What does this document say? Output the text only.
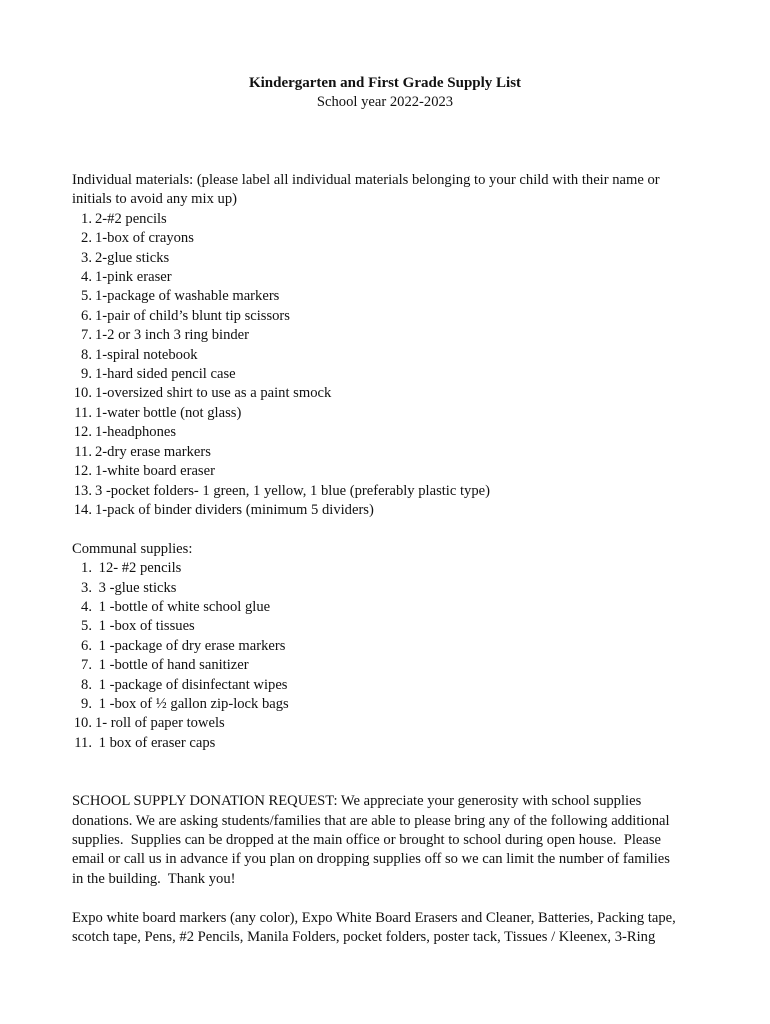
Kindergarten and First Grade Supply List
School year 2022-2023
Individual materials: (please label all individual materials belonging to your child with their name or
initials to avoid any mix up)
1. 2-#2 pencils
2. 1-box of crayons
3. 2-glue sticks
4. 1-pink eraser
5. 1-package of washable markers
6. 1-pair of child’s blunt tip scissors
7. 1-2 or 3 inch 3 ring binder
8. 1-spiral notebook
9. 1-hard sided pencil case
10. 1-oversized shirt to use as a paint smock
11. 1-water bottle (not glass)
12. 1-headphones
11. 2-dry erase markers
12. 1-white board eraser
13. 3 -pocket folders- 1 green, 1 yellow, 1 blue (preferably plastic type)
14. 1-pack of binder dividers (minimum 5 dividers)
Communal supplies:
1. 12- #2 pencils
3. 3 -glue sticks
4. 1 -bottle of white school glue
5. 1 -box of tissues
6. 1 -package of dry erase markers
7. 1 -bottle of hand sanitizer
8. 1 -package of disinfectant wipes
9. 1 -box of ½ gallon zip-lock bags
10. 1- roll of paper towels
11. 1 box of eraser caps
SCHOOL SUPPLY DONATION REQUEST: We appreciate your generosity with school supplies
donations. We are asking students/families that are able to please bring any of the following additional
supplies.  Supplies can be dropped at the main office or brought to school during open house.  Please
email or call us in advance if you plan on dropping supplies off so we can limit the number of families
in the building.  Thank you!
Expo white board markers (any color), Expo White Board Erasers and Cleaner, Batteries, Packing tape,
scotch tape, Pens, #2 Pencils, Manila Folders, pocket folders, poster tack, Tissues / Kleenex, 3-Ring
